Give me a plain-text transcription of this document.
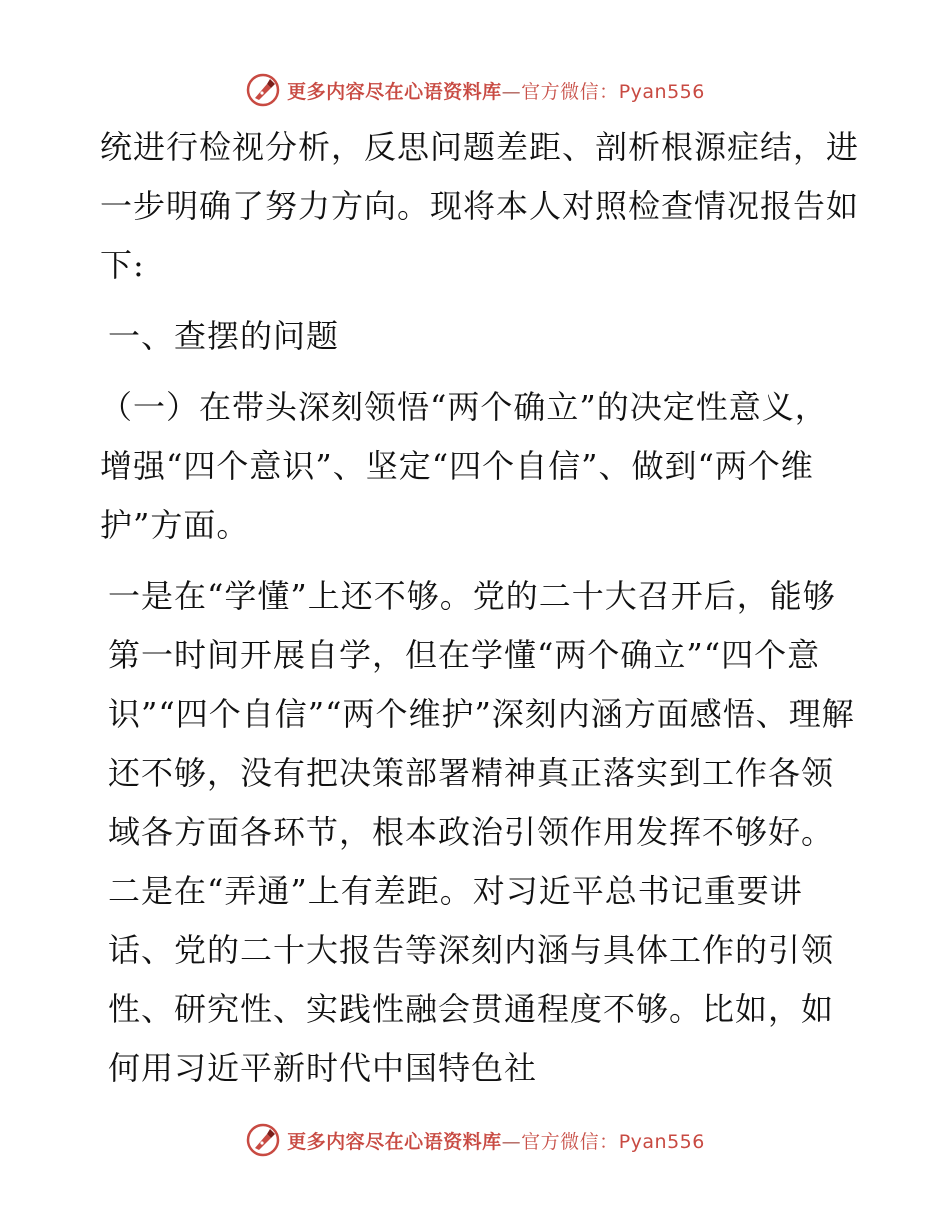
更多内容尽在心语资料库—官方微信：Pyan556

统进行检视分析，反思问题差距、剖析根源症结，进一步明确了努力方向。现将本人对照检查情况报告如下:

一、查摆的问题

（一）在带头深刻领悟“两个确立”的决定性意义，增强“四个意识”、坚定“四个自信”、做到“两个维护”方面。

一是在“学懂”上还不够。党的二十大召开后，能够第一时间开展自学，但在学懂“两个确立”“四个意识”“四个自信”“两个维护”深刻内涵方面感悟、理解还不够，没有把决策部署精神真正落实到工作各领域各方面各环节，根本政治引领作用发挥不够好。二是在“弄通”上有差距。对习近平总书记重要讲话、党的二十大报告等深刻内涵与具体工作的引领性、研究性、实践性融会贯通程度不够。比如，如何用习近平新时代中国特色社

更多内容尽在心语资料库—官方微信：Pyan556
